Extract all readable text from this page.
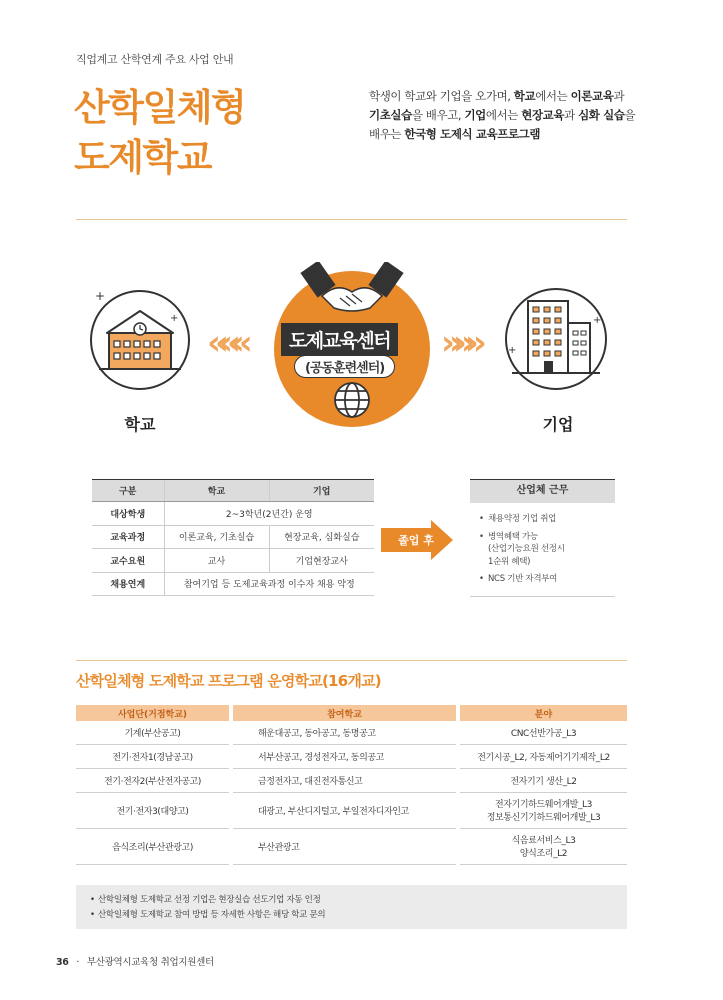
직업계고 산학연계 주요 사업 안내
산학일체형
도제학교
학생이 학교와 기업을 오가며, 학교에서는 이론교육과
기초실습을 배우고, 기업에서는 현장교육과 심화 실습을
배우는 한국형 도제식 교육프로그램
+
+
학교
«««	도제교육센터
(공동훈련센터)
»»»
+
+
기업
구분	학교	기업
대상학생	2~3학년(2년간) 운영	
교육과정	이론교육, 기초실습	현장교육, 심화실습
교수요원	교사	기업현장교사
채용연계	참여기업 등 도제교육과정 이수자 채용 약정	
졸업 후
산업체 근무
• 채용약정 기업 취업
• 병역혜택 가능
(산업기능요원 선정시
1순위 혜택)
• NCS 기반 자격부여
산학일체형 도제학교 프로그램 운영학교(16개교)
사업단(거점학교)	참여학교	분야
기계(부산공고)	해운대공고, 동아공고, 동명공고	CNC선반가공_L3

전기·전자1(경남공고)	서부산공고, 경성전자고, 동의공고	전기시공_L2, 자동제어기기제작_L2

전기·전자2(부산전자공고)	금정전자고, 대진전자통신고	전자기기 생산_L2

전기·전자3(대양고)	대광고, 부산디지털고, 부일전자디자인고	전자기기하드웨어개발_L3
정보통신기기하드웨어개발_L3

음식조리(부산관광고)	부산관광고	식음료서비스_L3
양식조리_L2
• 산학일체형 도제학교 선정 기업은 현장실습 선도기업 자동 인정
• 산학일체형 도제학교 참여 방법 등 자세한 사항은 해당 학교 문의
36 · 부산광역시교육청 취업지원센터
